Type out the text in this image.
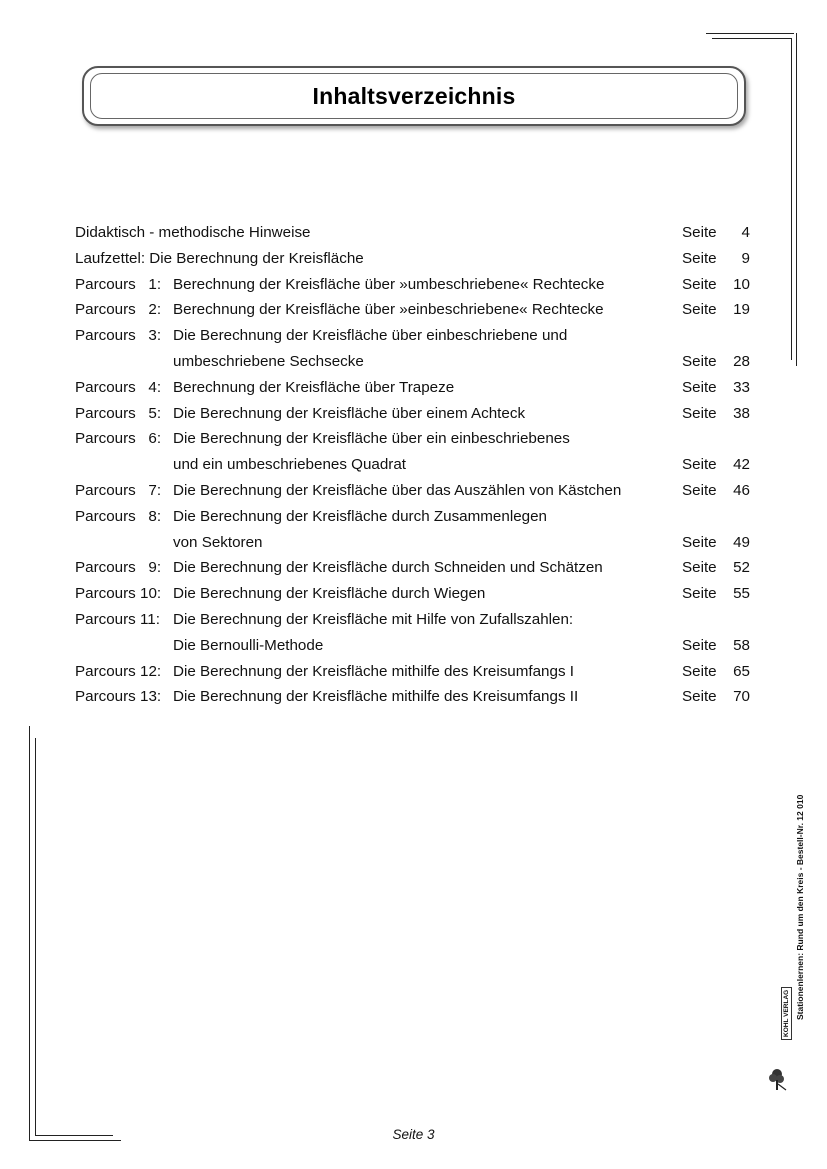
Inhaltsverzeichnis
Didaktisch - methodische Hinweise	Seite 4
Laufzettel: Die Berechnung der Kreisfläche	Seite 9
Parcours   1: Berechnung der Kreisfläche über »umbeschriebene« Rechtecke	Seite 10
Parcours   2: Berechnung der Kreisfläche über »einbeschriebene« Rechtecke	Seite 19
Parcours   3: Die Berechnung der Kreisfläche über einbeschriebene und
umbeschriebene Sechsecke	Seite 28
Parcours   4: Berechnung der Kreisfläche über Trapeze	Seite 33
Parcours   5: Die Berechnung der Kreisfläche über einem Achteck	Seite 38
Parcours   6: Die Berechnung der Kreisfläche über ein einbeschriebenes
und ein umbeschriebenes Quadrat	Seite 42
Parcours   7: Die Berechnung der Kreisfläche über das Auszählen von Kästchen	Seite 46
Parcours   8: Die Berechnung der Kreisfläche durch Zusammenlegen
von Sektoren	Seite 49
Parcours   9: Die Berechnung der Kreisfläche durch Schneiden und Schätzen	Seite 52
Parcours 10: Die Berechnung der Kreisfläche durch Wiegen	Seite 55
Parcours 11: Die Berechnung der Kreisfläche mit Hilfe von Zufallszahlen:
Die Bernoulli-Methode	Seite 58
Parcours 12: Die Berechnung der Kreisfläche mithilfe des Kreisumfangs I	Seite 65
Parcours 13: Die Berechnung der Kreisfläche mithilfe des Kreisumfangs II	Seite 70
Stationenlernen: Rund um den Kreis - Bestell-Nr. 12 010
KOHL VERLAG
Seite 3
